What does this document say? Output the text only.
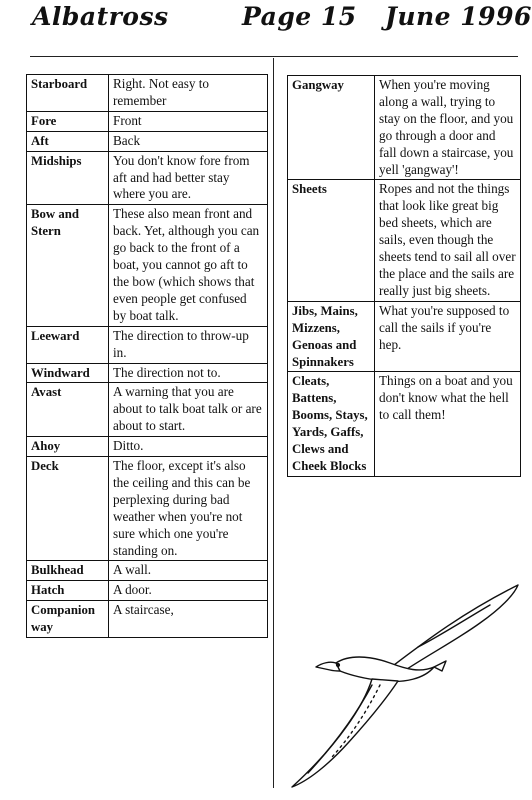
Albatross	Page 15 June 1996
Starboard	Right. Not easy to remember
Fore	Front
Aft	Back
Midships	You don't know fore from aft and had better stay where you are.
Bow and Stern	These also mean front and back. Yet, although you can go back to the front of a boat, you cannot go aft to the bow (which shows that even people get confused by boat talk.
Leeward	The direction to throw-up in.
Windward	The direction not to.
Avast	A warning that you are about to talk boat talk or are about to start.
Ahoy	Ditto.
Deck	The floor, except it's also the ceiling and this can be perplexing during bad weather when you're not sure which one you're standing on.
Bulkhead	A wall.
Hatch	A door.
Companion way	A staircase,
Gangway	When you're moving along a wall, trying to stay on the floor, and you go through a door and fall down a staircase, you yell 'gangway'!
Sheets	Ropes and not the things that look like great big bed sheets, which are sails, even though the sheets tend to sail all over the place and the sails are really just big sheets.
Jibs, Mains, Mizzens, Genoas and Spinnakers	What you're supposed to call the sails if you're hep.
Cleats, Battens, Booms, Stays, Yards, Gaffs, Clews and Cheek Blocks	Things on a boat and you don't know what the hell to call them!
